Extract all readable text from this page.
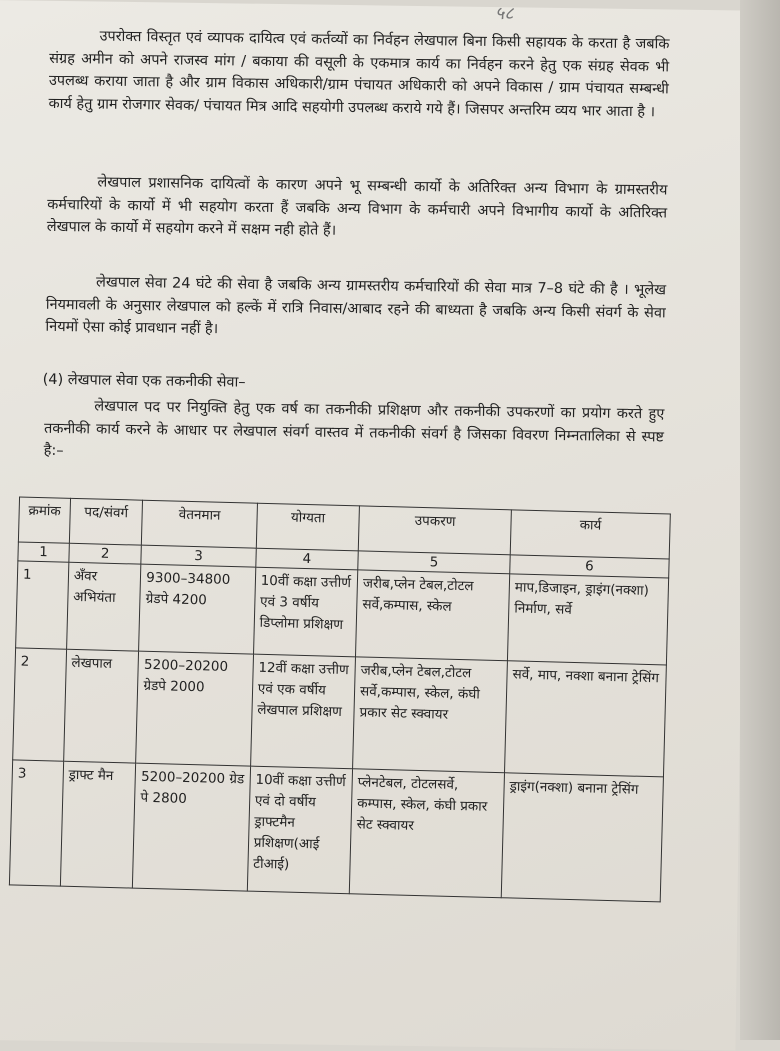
५८

उपरोक्त विस्तृत एवं व्यापक दायित्व एवं कर्तव्यों का निर्वहन लेखपाल बिना किसी सहायक के करता है जबकि संग्रह अमीन को अपने राजस्व मांग / बकाया की वसूली के एकमात्र कार्य का निर्वहन करने हेतु एक संग्रह सेवक भी उपलब्ध कराया जाता है और ग्राम विकास अधिकारी/ग्राम पंचायत अधिकारी को अपने विकास / ग्राम पंचायत सम्बन्धी कार्य हेतु ग्राम रोजगार सेवक/ पंचायत मित्र आदि सहयोगी उपलब्ध कराये गये हैं। जिसपर अन्तरिम व्यय भार आता है ।

लेखपाल प्रशासनिक दायित्वों के कारण अपने भू सम्बन्धी कार्यो के अतिरिक्त अन्य विभाग के ग्रामस्तरीय कर्मचारियों के कार्यो में भी सहयोग करता हैं जबकि अन्य विभाग के कर्मचारी अपने विभागीय कार्यो के अतिरिक्त लेखपाल के कार्यो में सहयोग करने में सक्षम नही होते हैं।

लेखपाल सेवा 24 घंटे की सेवा है जबकि अन्य ग्रामस्तरीय कर्मचारियों की सेवा मात्र 7–8 घंटे की है । भूलेख नियमावली के अनुसार लेखपाल को हल्कें में रात्रि निवास/आबाद रहने की बाध्यता है जबकि अन्य किसी संवर्ग के सेवा नियमों ऐसा कोई प्रावधान नहीं है।

(4) लेखपाल सेवा एक तकनीकी सेवा–

लेखपाल पद पर नियुक्ति हेतु एक वर्ष का तकनीकी प्रशिक्षण और तकनीकी उपकरणों का प्रयोग करते हुए तकनीकी कार्य करने के आधार पर लेखपाल संवर्ग वास्तव में तकनीकी संवर्ग है जिसका विवरण निम्नतालिका से स्पष्ट है:–

क्रमांक	पद/संवर्ग	वेतनमान	योग्यता	उपकरण	कार्य
1	2	3	4	5	6
1	अँवर अभियंता	9300–34800 ग्रेडपे 4200	10वीं कक्षा उत्तीर्ण एवं 3 वर्षीय डिप्लोमा प्रशिक्षण	जरीब,प्लेन टेबल,टोटल सर्वे,कम्पास, स्केल	माप,डिजाइन, ड्राइंग(नक्शा) निर्माण, सर्वे
2	लेखपाल	5200–20200 ग्रेडपे 2000	12वीं कक्षा उत्तीण एवं एक वर्षीय लेखपाल प्रशिक्षण	जरीब,प्लेन टेबल,टोटल सर्वे,कम्पास, स्केल, कंघी प्रकार सेट स्क्वायर	सर्वे, माप, नक्शा बनाना ट्रेसिंग
3	ड्राफ्ट मैन	5200–20200 ग्रेड पे 2800	10वीं कक्षा उत्तीर्ण एवं दो वर्षीय ड्राफ्टमैन प्रशिक्षण(आई टीआई)	प्लेनटेबल, टोटलसर्वे, कम्पास, स्केल, कंघी प्रकार सेट स्क्वायर	ड्राइंग(नक्शा) बनाना ट्रेसिंग
